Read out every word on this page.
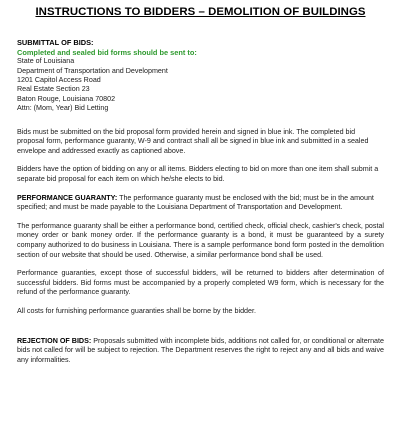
INSTRUCTIONS TO BIDDERS – DEMOLITION OF BUILDINGS
SUBMITTAL OF BIDS:
Completed and sealed bid forms should be sent to:
State of Louisiana
Department of Transportation and Development
1201 Capitol Access Road
Real Estate Section 23
Baton Rouge, Louisiana 70802
Attn: (Mom, Year) Bid Letting

Bids must be submitted on the bid proposal form provided herein and signed in blue ink. The completed bid proposal form, performance guaranty, W-9 and contract shall all be signed in blue ink and submitted in a sealed envelope and addressed exactly as captioned above.

Bidders have the option of bidding on any or all items. Bidders electing to bid on more than one item shall submit a separate bid proposal for each item on which he/she elects to bid.

PERFORMANCE GUARANTY: The performance guaranty must be enclosed with the bid; must be in the amount specified; and must be made payable to the Louisiana Department of Transportation and Development.

The performance guaranty shall be either a performance bond, certified check, official check, cashier's check, postal money order or bank money order. If the performance guaranty is a bond, it must be guaranteed by a surety company authorized to do business in Louisiana. There is a sample performance bond form posted in the demolition section of our website that should be used. Otherwise, a similar performance bond shall be used.

Performance guaranties, except those of successful bidders, will be returned to bidders after determination of successful bidders. Bid forms must be accompanied by a properly completed W9 form, which is necessary for the refund of the performance guaranty.

All costs for furnishing performance guaranties shall be borne by the bidder.

REJECTION OF BIDS: Proposals submitted with incomplete bids, additions not called for, or conditional or alternate bids not called for will be subject to rejection. The Department reserves the right to reject any and all bids and waive any informalities.
